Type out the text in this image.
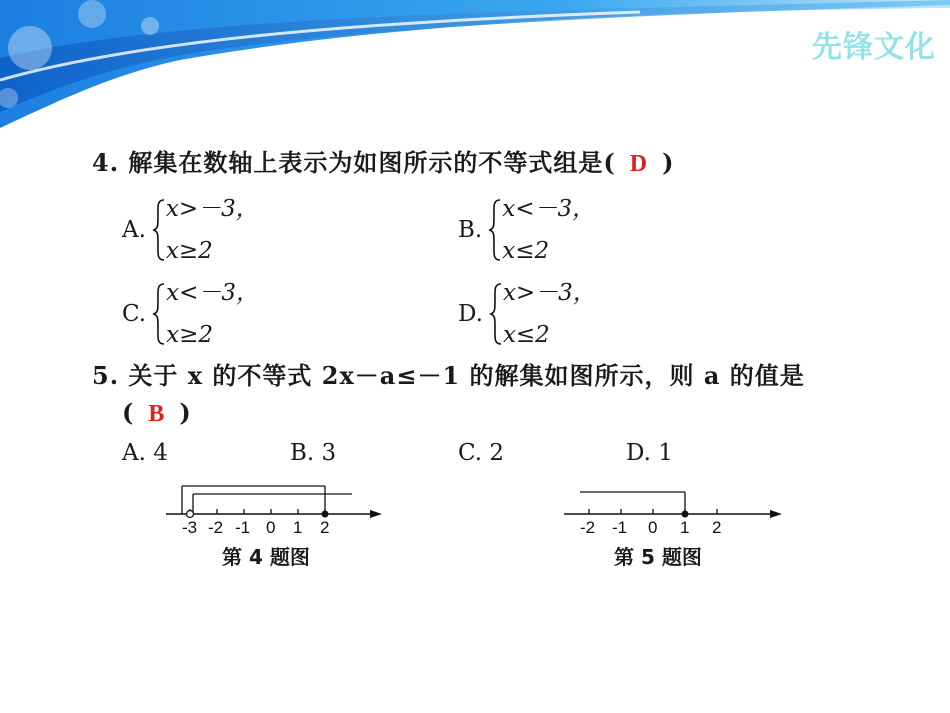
先锋文化
4. 解集在数轴上表示为如图所示的不等式组是( D )
A.
x>－3，
x≥2
B.
x<－3，
x≤2
C.
x<－3，
x≥2
D.
x>－3，
x≤2
5. 关于 x 的不等式 2x－a≤－1 的解集如图所示，则 a 的值是
( B )
A. 4	B. 3	C. 2	D. 1
-3 -2 -1 0 1 2
第 4 题图
-2 -1 0 1 2
第 5 题图
